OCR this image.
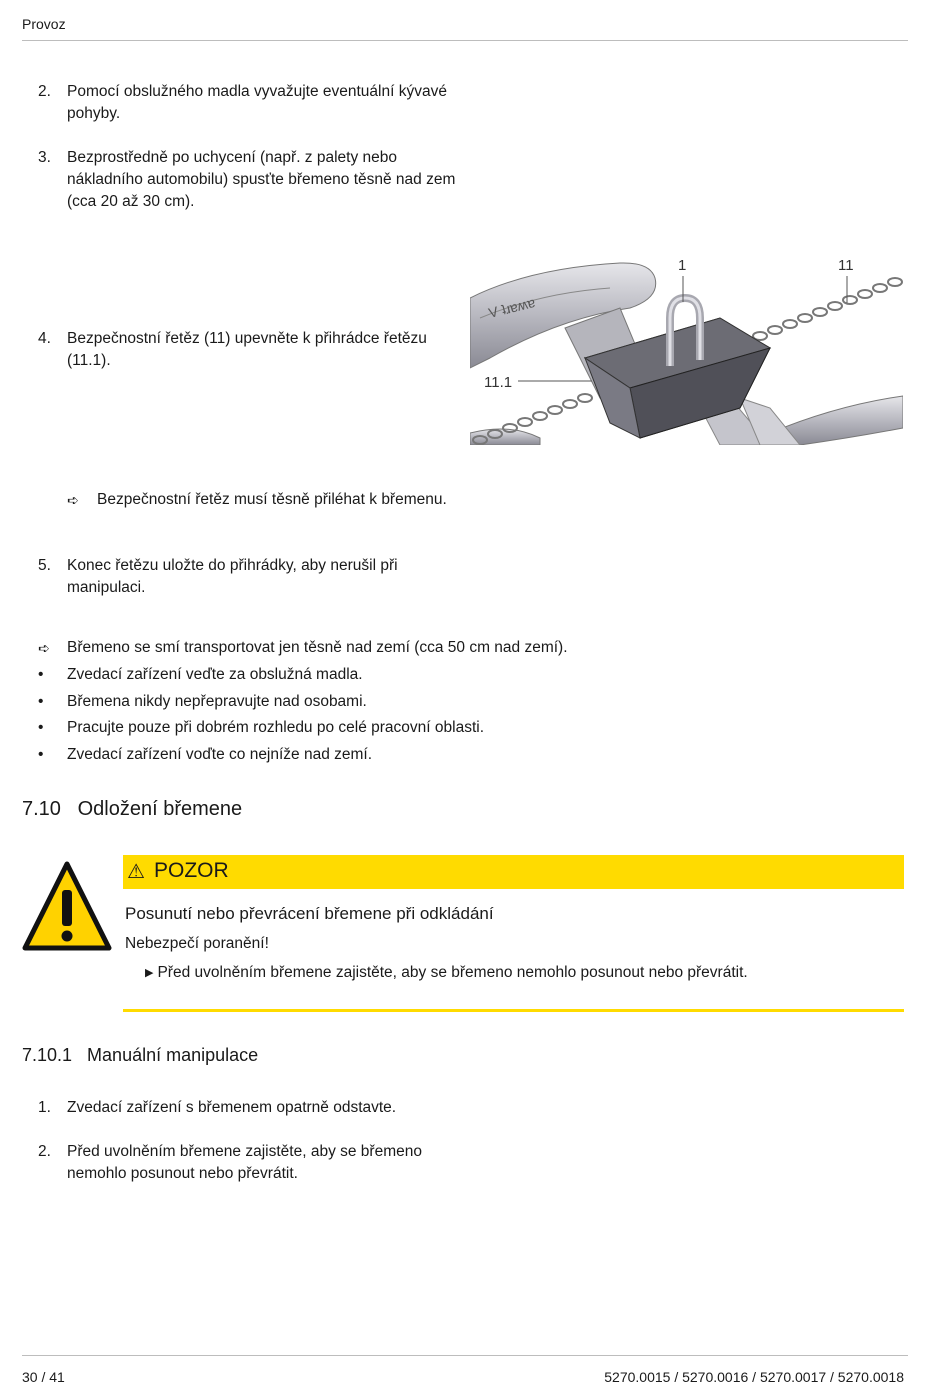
Provoz
2. Pomocí obslužného madla vyvažujte eventuální kývavé pohyby.
3. Bezprostředně po uchycení (např. z palety nebo nákladního automobilu) spusťte břemeno těsně nad zem (cca 20 až 30 cm).
4. Bezpečnostní řetěz (11) upevněte k přihrádce řetězu (11.1).
V ʇɹɐʍɐ
1	11
11.1
➪ Bezpečnostní řetěz musí těsně přiléhat k břemenu.
5. Konec řetězu uložte do přihrádky, aby nerušil při manipulaci.
➪ Břemeno se smí transportovat jen těsně nad zemí (cca 50 cm nad zemí).
• Zvedací zařízení veďte za obslužná madla.
• Břemena nikdy nepřepravujte nad osobami.
• Pracujte pouze při dobrém rozhledu po celé pracovní oblasti.
• Zvedací zařízení voďte co nejníže nad zemí.
7.10   Odložení břemene
⚠ POZOR
Posunutí nebo převrácení břemene při odkládání
Nebezpečí poranění!
▶ Před uvolněním břemene zajistěte, aby se břemeno nemohlo posunout nebo převrátit.
7.10.1   Manuální manipulace
1. Zvedací zařízení s břemenem opatrně odstavte.
2. Před uvolněním břemene zajistěte, aby se břemeno nemohlo posunout nebo převrátit.
30 / 41	5270.0015 / 5270.0016 / 5270.0017 / 5270.0018
